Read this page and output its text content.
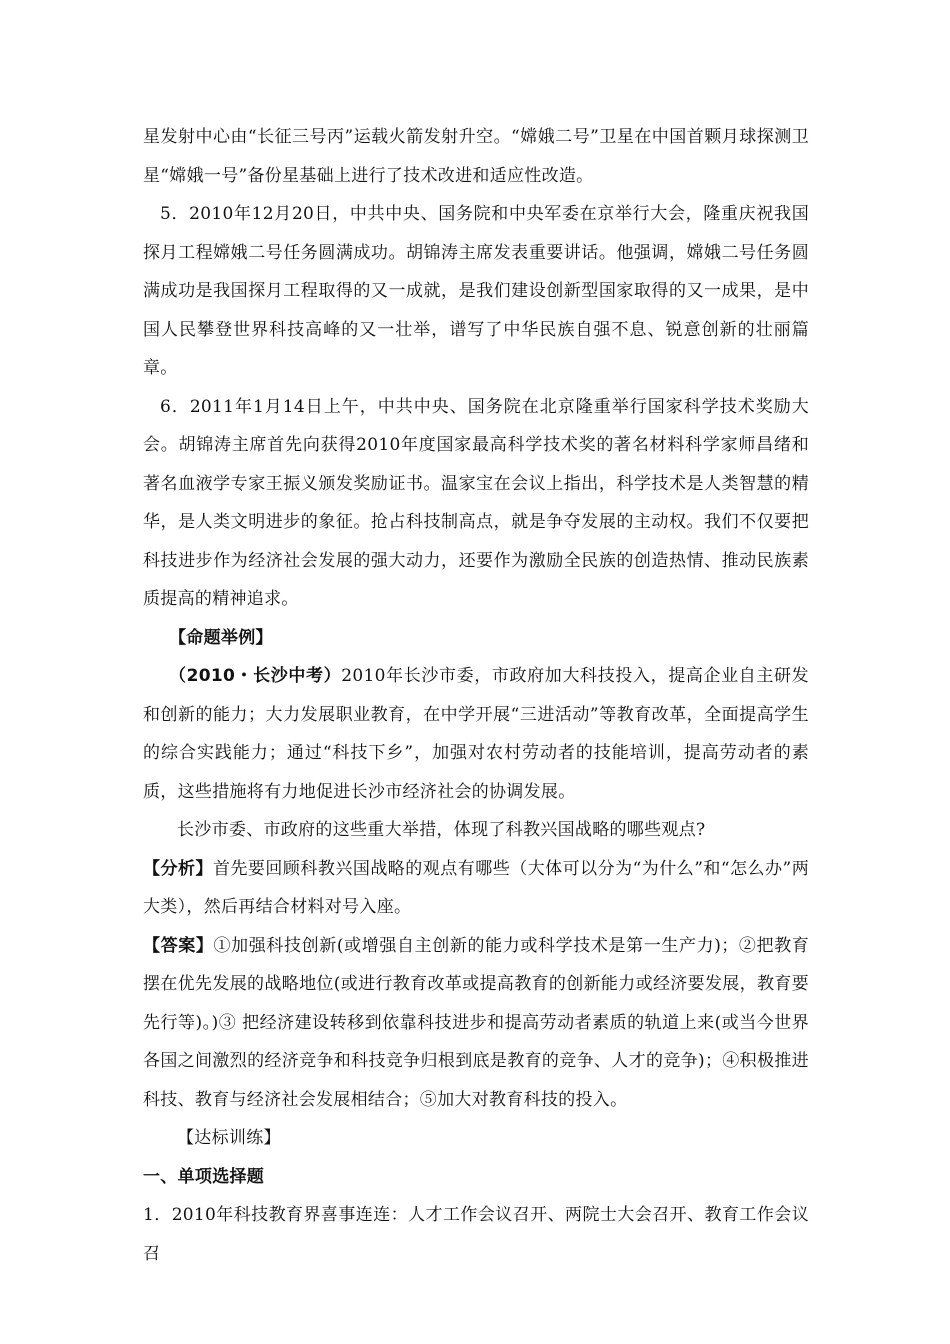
星发射中心由“长征三号丙”运载火箭发射升空。“嫦娥二号”卫星在中国首颗月球探测卫星“嫦娥一号”备份星基础上进行了技术改进和适应性改造。

5．2010年12月20日，中共中央、国务院和中央军委在京举行大会，隆重庆祝我国探月工程嫦娥二号任务圆满成功。胡锦涛主席发表重要讲话。他强调，嫦娥二号任务圆满成功是我国探月工程取得的又一成就，是我们建设创新型国家取得的又一成果，是中国人民攀登世界科技高峰的又一壮举，谱写了中华民族自强不息、锐意创新的壮丽篇章。

6．2011年1月14日上午，中共中央、国务院在北京隆重举行国家科学技术奖励大会。胡锦涛主席首先向获得2010年度国家最高科学技术奖的著名材料科学家师昌绪和著名血液学专家王振义颁发奖励证书。温家宝在会议上指出，科学技术是人类智慧的精华，是人类文明进步的象征。抢占科技制高点，就是争夺发展的主动权。我们不仅要把科技进步作为经济社会发展的强大动力，还要作为激励全民族的创造热情、推动民族素质提高的精神追求。

【命题举例】

（2010・长沙中考）2010年长沙市委，市政府加大科技投入，提高企业自主研发和创新的能力；大力发展职业教育，在中学开展“三进活动”等教育改革，全面提高学生的综合实践能力；通过“科技下乡”，加强对农村劳动者的技能培训，提高劳动者的素质，这些措施将有力地促进长沙市经济社会的协调发展。

长沙市委、市政府的这些重大举措，体现了科教兴国战略的哪些观点?

【分析】首先要回顾科教兴国战略的观点有哪些（大体可以分为“为什么”和“怎么办”两大类），然后再结合材料对号入座。

【答案】①加强科技创新(或增强自主创新的能力或科学技术是第一生产力)；②把教育摆在优先发展的战略地位(或进行教育改革或提高教育的创新能力或经济要发展，教育要先行等)。)③ 把经济建设转移到依靠科技进步和提高劳动者素质的轨道上来(或当今世界各国之间激烈的经济竞争和科技竞争归根到底是教育的竞争、人才的竞争)；④积极推进科技、教育与经济社会发展相结合；⑤加大对教育科技的投入。

【达标训练】

一、单项选择题

1．2010年科技教育界喜事连连：人才工作会议召开、两院士大会召开、教育工作会议召
